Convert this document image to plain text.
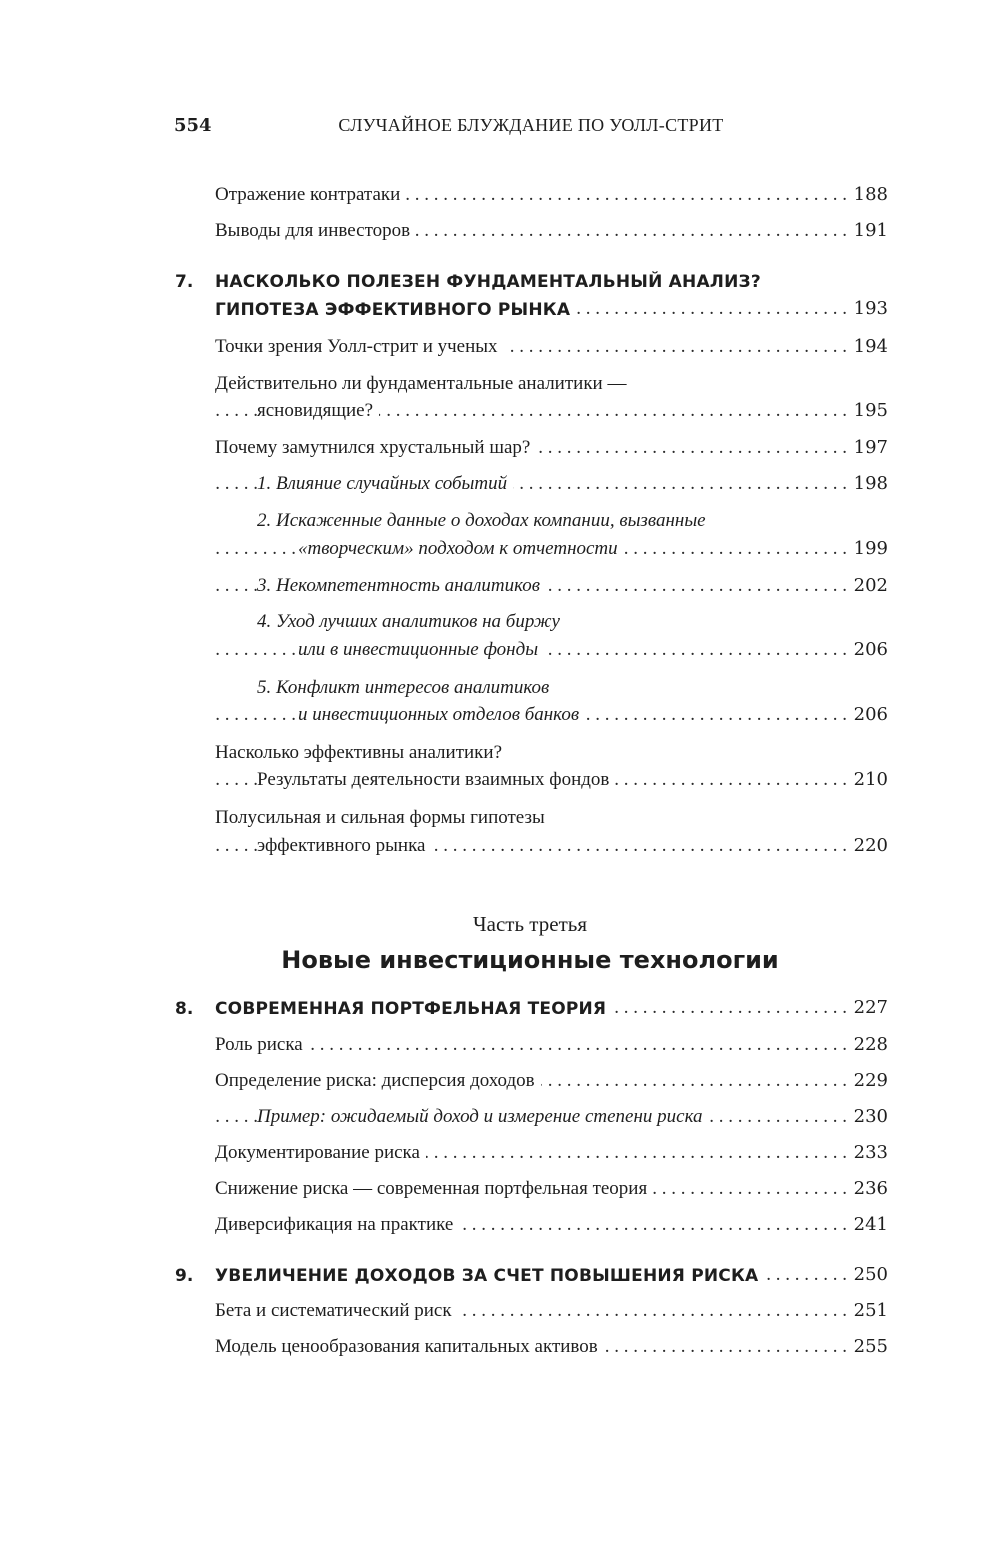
554	СЛУЧАЙНОЕ БЛУЖДАНИЕ ПО УОЛЛ-СТРИТ
. . .
Отражение контратаки	188
. . .
Выводы для инвесторов	191
7. НАСКОЛЬКО ПОЛЕЗЕН ФУНДАМЕНТАЛЬНЫЙ АНАЛИЗ?
. . .
ГИПОТЕЗА ЭФФЕКТИВНОГО РЫНКА	193
. . .
Точки зрения Уолл-стрит и ученых	194
Действительно ли фундаментальные аналитики —
. . .
ясновидящие?	195
. . .
Почему замутнился хрустальный шар?	197
. . .
1. Влияние случайных событий	198
2. Искаженные данные о доходах компании, вызванные
. . .
«творческим» подходом к отчетности	199
. . .
3. Некомпетентность аналитиков	202
4. Уход лучших аналитиков на биржу
. . .
или в инвестиционные фонды	206
5. Конфликт интересов аналитиков
. . .
и инвестиционных отделов банков	206
Насколько эффективны аналитики?
. . .
Результаты деятельности взаимных фондов	210
Полусильная и сильная формы гипотезы
. . .
эффективного рынка	220
Часть третья
Новые инвестиционные технологии
. . .
8. СОВРЕМЕННАЯ ПОРТФЕЛЬНАЯ ТЕОРИЯ	227
. . .
Роль риска	228
. . .
Определение риска: дисперсия доходов	229
. . .
Пример: ожидаемый доход и измерение степени риска	230
. . .
Документирование риска	233
. . .
Снижение риска — современная портфельная теория	236
. . .
Диверсификация на практике	241
. . .
9. УВЕЛИЧЕНИЕ ДОХОДОВ ЗА СЧЕТ ПОВЫШЕНИЯ РИСКА	250
. . .
Бета и систематический риск	251
. . .
Модель ценообразования капитальных активов	255
